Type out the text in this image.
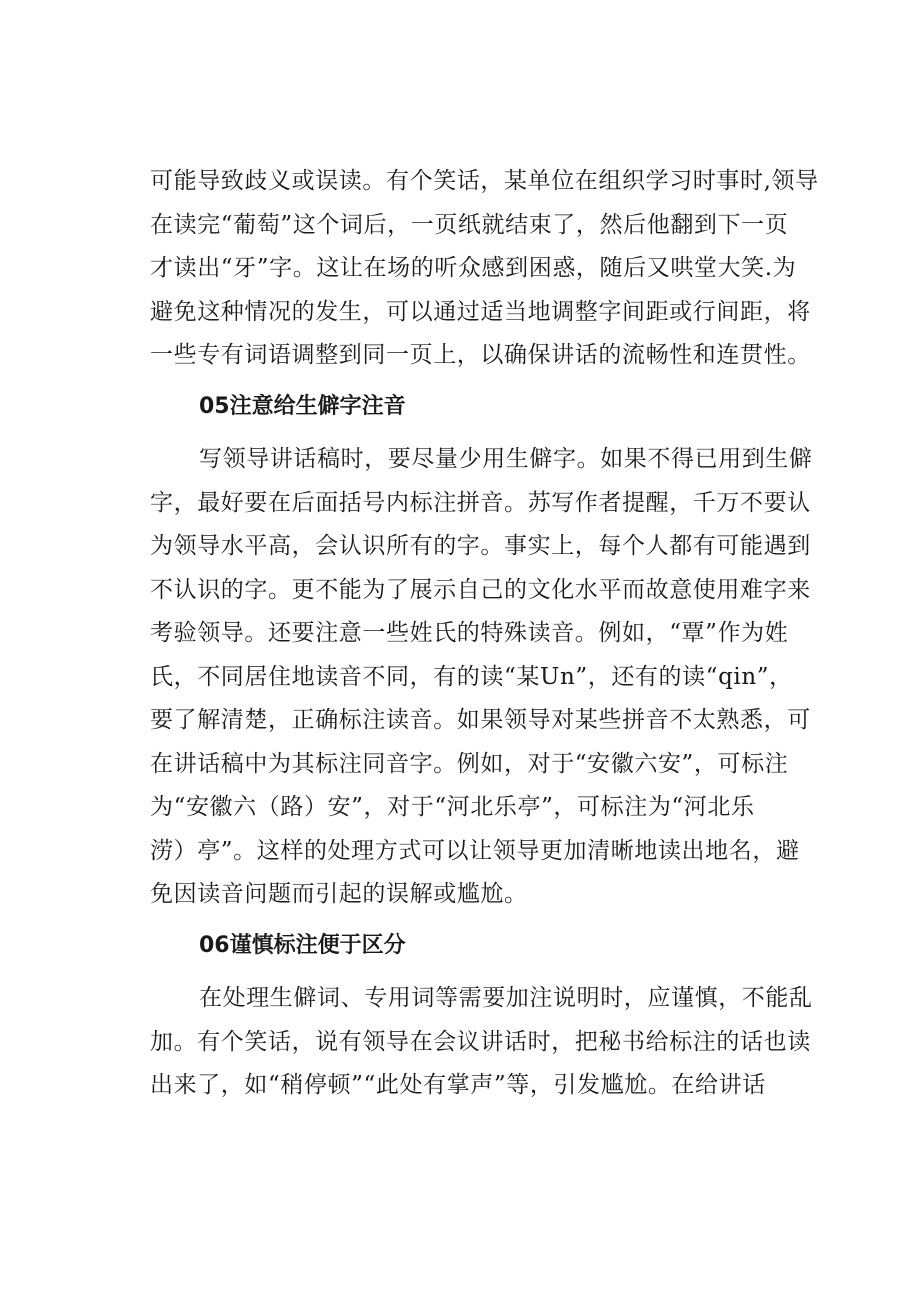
可能导致歧义或误读。有个笑话，某单位在组织学习时事时,领导
在读完“葡萄”这个词后，一页纸就结束了，然后他翻到下一页
才读出“牙”字。这让在场的听众感到困惑，随后又哄堂大笑.为
避免这种情况的发生，可以通过适当地调整字间距或行间距，将
一些专有词语调整到同一页上，以确保讲话的流畅性和连贯性。
05注意给生僻字注音
写领导讲话稿时，要尽量少用生僻字。如果不得已用到生僻
字，最好要在后面括号内标注拼音。苏写作者提醒，千万不要认
为领导水平高，会认识所有的字。事实上，每个人都有可能遇到
不认识的字。更不能为了展示自己的文化水平而故意使用难字来
考验领导。还要注意一些姓氏的特殊读音。例如，“覃”作为姓
氏，不同居住地读音不同，有的读“某Un”，还有的读“qin”，
要了解清楚，正确标注读音。如果领导对某些拼音不太熟悉，可
在讲话稿中为其标注同音字。例如，对于“安徽六安”，可标注
为“安徽六（路）安”，对于“河北乐亭”，可标注为“河北乐
涝）亭”。这样的处理方式可以让领导更加清晰地读出地名，避
免因读音问题而引起的误解或尴尬。
06谨慎标注便于区分
在处理生僻词、专用词等需要加注说明时，应谨慎，不能乱
加。有个笑话，说有领导在会议讲话时，把秘书给标注的话也读
出来了，如“稍停顿”“此处有掌声”等，引发尴尬。在给讲话
